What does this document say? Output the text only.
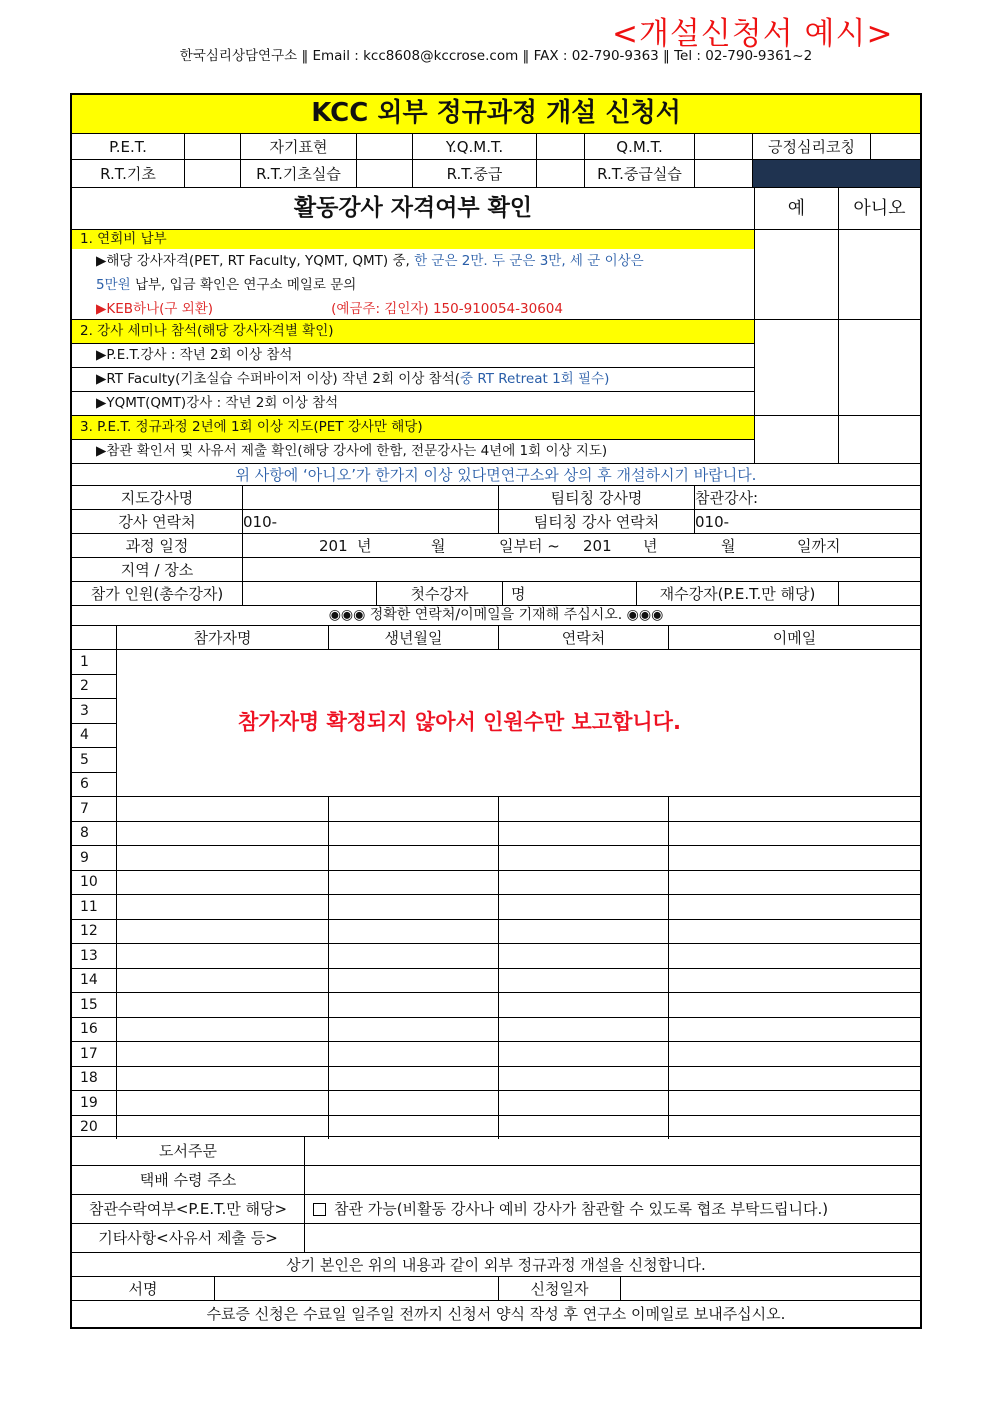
<개설신청서 예시>
한국심리상담연구소 ‖ Email : kcc8608@kccrose.com ‖ FAX : 02-790-9363 ‖ Tel : 02-790-9361~2
KCC 외부 정규과정 개설 신청서
P.E.T.	자기표현	Y.Q.M.T.	Q.M.T.	긍정심리코칭
R.T.기초	R.T.기초실습	R.T.중급	R.T.중급실습
활동강사 자격여부 확인	예	아니오
1. 연회비 납부
▶해당 강사자격(PET, RT Faculty, YQMT, QMT) 중, 한 군은 2만. 두 군은 3만, 세 군 이상은
5만원 납부, 입금 확인은 연구소 메일로 문의
▶KEB하나(구 외환)	(예금주: 김인자) 150-910054-30604
2. 강사 세미나 참석(해당 강사자격별 확인)
▶P.E.T.강사 : 작년 2회 이상 참석
▶RT Faculty(기초실습 수퍼바이저 이상) 작년 2회 이상 참석( 중 RT Retreat 1회 필수)
▶YQMT(QMT)강사 : 작년 2회 이상 참석
3. P.E.T. 정규과정 2년에 1회 이상 지도(PET 강사만 해당)
▶참관 확인서 및 사유서 제출 확인(해당 강사에 한함, 전문강사는 4년에 1회 이상 지도)
위 사항에 ‘아니오’가 한가지 이상 있다면연구소와 상의 후 개설하시기 바랍니다.
지도강사명	팀티칭 강사명	참관강사:
강사 연락처	010-	팀티칭 강사 연락처	010-
과정 일정	201 년	월	일부터 ~ 201 년	월	일까지
지역 / 장소
참가 인원(총수강자)	첫수강자	명	재수강자(P.E.T.만 해당)
◉◉◉ 정확한 연락처/이메일을 기재해 주십시오. ◉◉◉
참가자명	생년월일	연락처	이메일
1
2
3
4
5
6
7
8
9
10
11
12
13
14
15
16
17
18
19
20
참가자명 확정되지 않아서 인원수만 보고합니다.
도서주문
택배 수령 주소
참관수락여부<P.E.T.만 해당>	참관 가능(비활동 강사나 예비 강사가 참관할 수 있도록 협조 부탁드립니다.)
기타사항<사유서 제출 등>
상기 본인은 위의 내용과 같이 외부 정규과정 개설을 신청합니다.
서명	신청일자
수료증 신청은 수료일 일주일 전까지 신청서 양식 작성 후 연구소 이메일로 보내주십시오.
